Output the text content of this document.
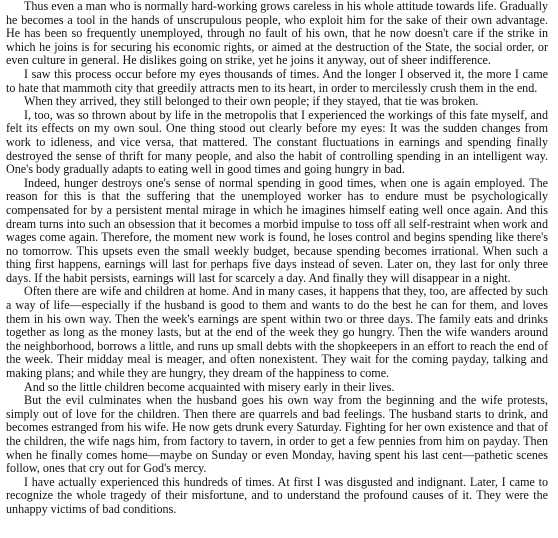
Thus even a man who is normally hard-working grows careless in his whole attitude towards life. Gradually he becomes a tool in the hands of unscrupulous people, who exploit him for the sake of their own advantage. He has been so frequently unemployed, through no fault of his own, that he now doesn't care if the strike in which he joins is for securing his economic rights, or aimed at the destruction of the State, the social order, or even culture in general. He dislikes going on strike, yet he joins it anyway, out of sheer indifference.

I saw this process occur before my eyes thousands of times. And the longer I observed it, the more I came to hate that mammoth city that greedily attracts men to its heart, in order to mercilessly crush them in the end.

When they arrived, they still belonged to their own people; if they stayed, that tie was broken.

I, too, was so thrown about by life in the metropolis that I experienced the workings of this fate myself, and felt its effects on my own soul. One thing stood out clearly before my eyes: It was the sudden changes from work to idleness, and vice versa, that mattered. The constant fluctuations in earnings and spending finally destroyed the sense of thrift for many people, and also the habit of controlling spending in an intelligent way. One's body gradually adapts to eating well in good times and going hungry in bad.

Indeed, hunger destroys one's sense of normal spending in good times, when one is again employed. The reason for this is that the suffering that the unemployed worker has to endure must be psychologically compensated for by a persistent mental mirage in which he imagines himself eating well once again. And this dream turns into such an obsession that it becomes a morbid impulse to toss off all self-restraint when work and wages come again. Therefore, the moment new work is found, he loses control and begins spending like there's no tomorrow. This upsets even the small weekly budget, because spending becomes irrational. When such a thing first happens, earnings will last for perhaps five days instead of seven. Later on, they last for only three days. If the habit persists, earnings will last for scarcely a day. And finally they will disappear in a night.

Often there are wife and children at home. And in many cases, it happens that they, too, are affected by such a way of life—especially if the husband is good to them and wants to do the best he can for them, and loves them in his own way. Then the week's earnings are spent within two or three days. The family eats and drinks together as long as the money lasts, but at the end of the week they go hungry. Then the wife wanders around the neighborhood, borrows a little, and runs up small debts with the shopkeepers in an effort to reach the end of the week. Their midday meal is meager, and often nonexistent. They wait for the coming payday, talking and making plans; and while they are hungry, they dream of the happiness to come.

And so the little children become acquainted with misery early in their lives.

But the evil culminates when the husband goes his own way from the beginning and the wife protests, simply out of love for the children. Then there are quarrels and bad feelings. The husband starts to drink, and becomes estranged from his wife. He now gets drunk every Saturday. Fighting for her own existence and that of the children, the wife nags him, from factory to tavern, in order to get a few pennies from him on payday. Then when he finally comes home—maybe on Sunday or even Monday, having spent his last cent—pathetic scenes follow, ones that cry out for God's mercy.

I have actually experienced this hundreds of times. At first I was disgusted and indignant. Later, I came to recognize the whole tragedy of their misfortune, and to understand the profound causes of it. They were the unhappy victims of bad conditions.
